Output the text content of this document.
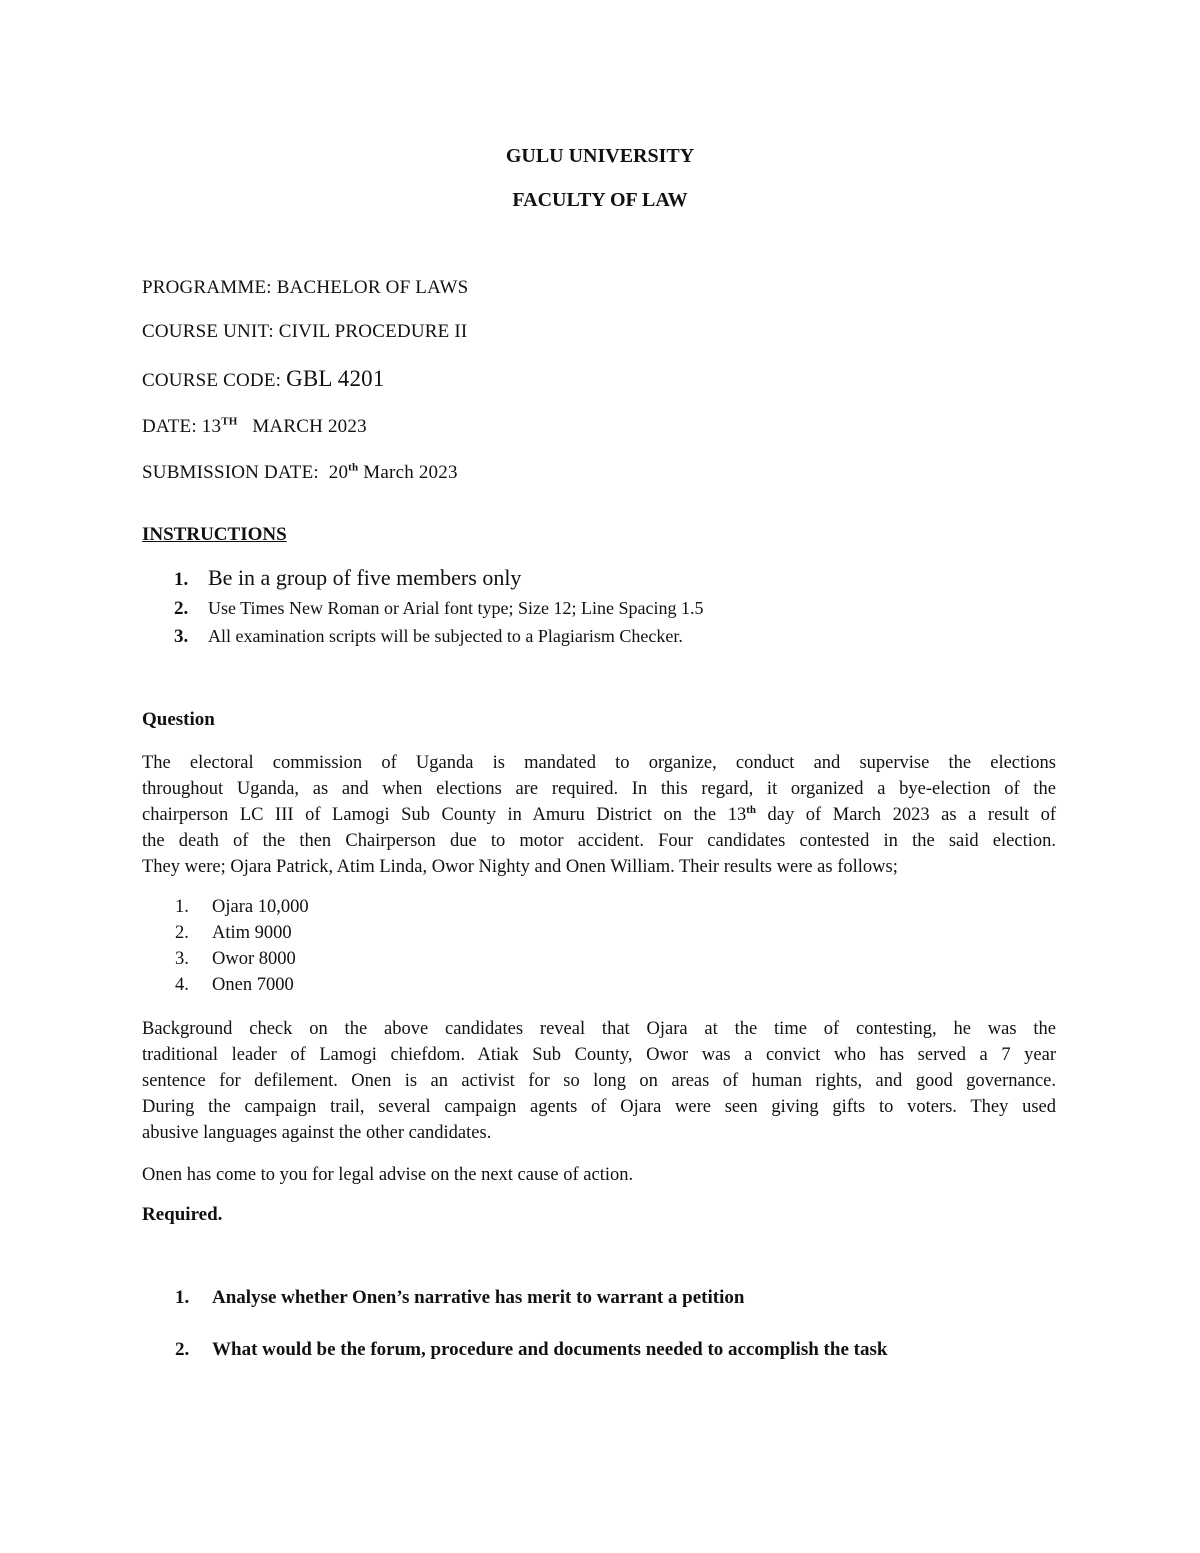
GULU UNIVERSITY
FACULTY OF LAW
PROGRAMME: BACHELOR OF LAWS
COURSE UNIT: CIVIL PROCEDURE II
COURSE CODE: GBL 4201
DATE: 13TH   MARCH 2023
SUBMISSION DATE:  20th March 2023
INSTRUCTIONS
1. Be in a group of five members only
2. Use Times New Roman or Arial font type; Size 12; Line Spacing 1.5
3. All examination scripts will be subjected to a Plagiarism Checker.
Question
The electoral commission of Uganda is mandated to organize, conduct and supervise the elections
throughout Uganda, as and when elections are required. In this regard, it organized a bye-election of the
chairperson LC III of Lamogi Sub County in Amuru District on the 13th day of March 2023 as a result of
the death of the then Chairperson due to motor accident. Four candidates contested in the said election.
They were; Ojara Patrick, Atim Linda, Owor Nighty and Onen William. Their results were as follows;
1. Ojara 10,000
2. Atim 9000
3. Owor 8000
4. Onen 7000
Background check on the above candidates reveal that Ojara at the time of contesting, he was the
traditional leader of Lamogi chiefdom. Atiak Sub County, Owor was a convict who has served a 7 year
sentence for defilement. Onen is an activist for so long on areas of human rights, and good governance.
During the campaign trail, several campaign agents of Ojara were seen giving gifts to voters. They used
abusive languages against the other candidates.
Onen has come to you for legal advise on the next cause of action.
Required.
1. Analyse whether Onen’s narrative has merit to warrant a petition
2. What would be the forum, procedure and documents needed to accomplish the task
